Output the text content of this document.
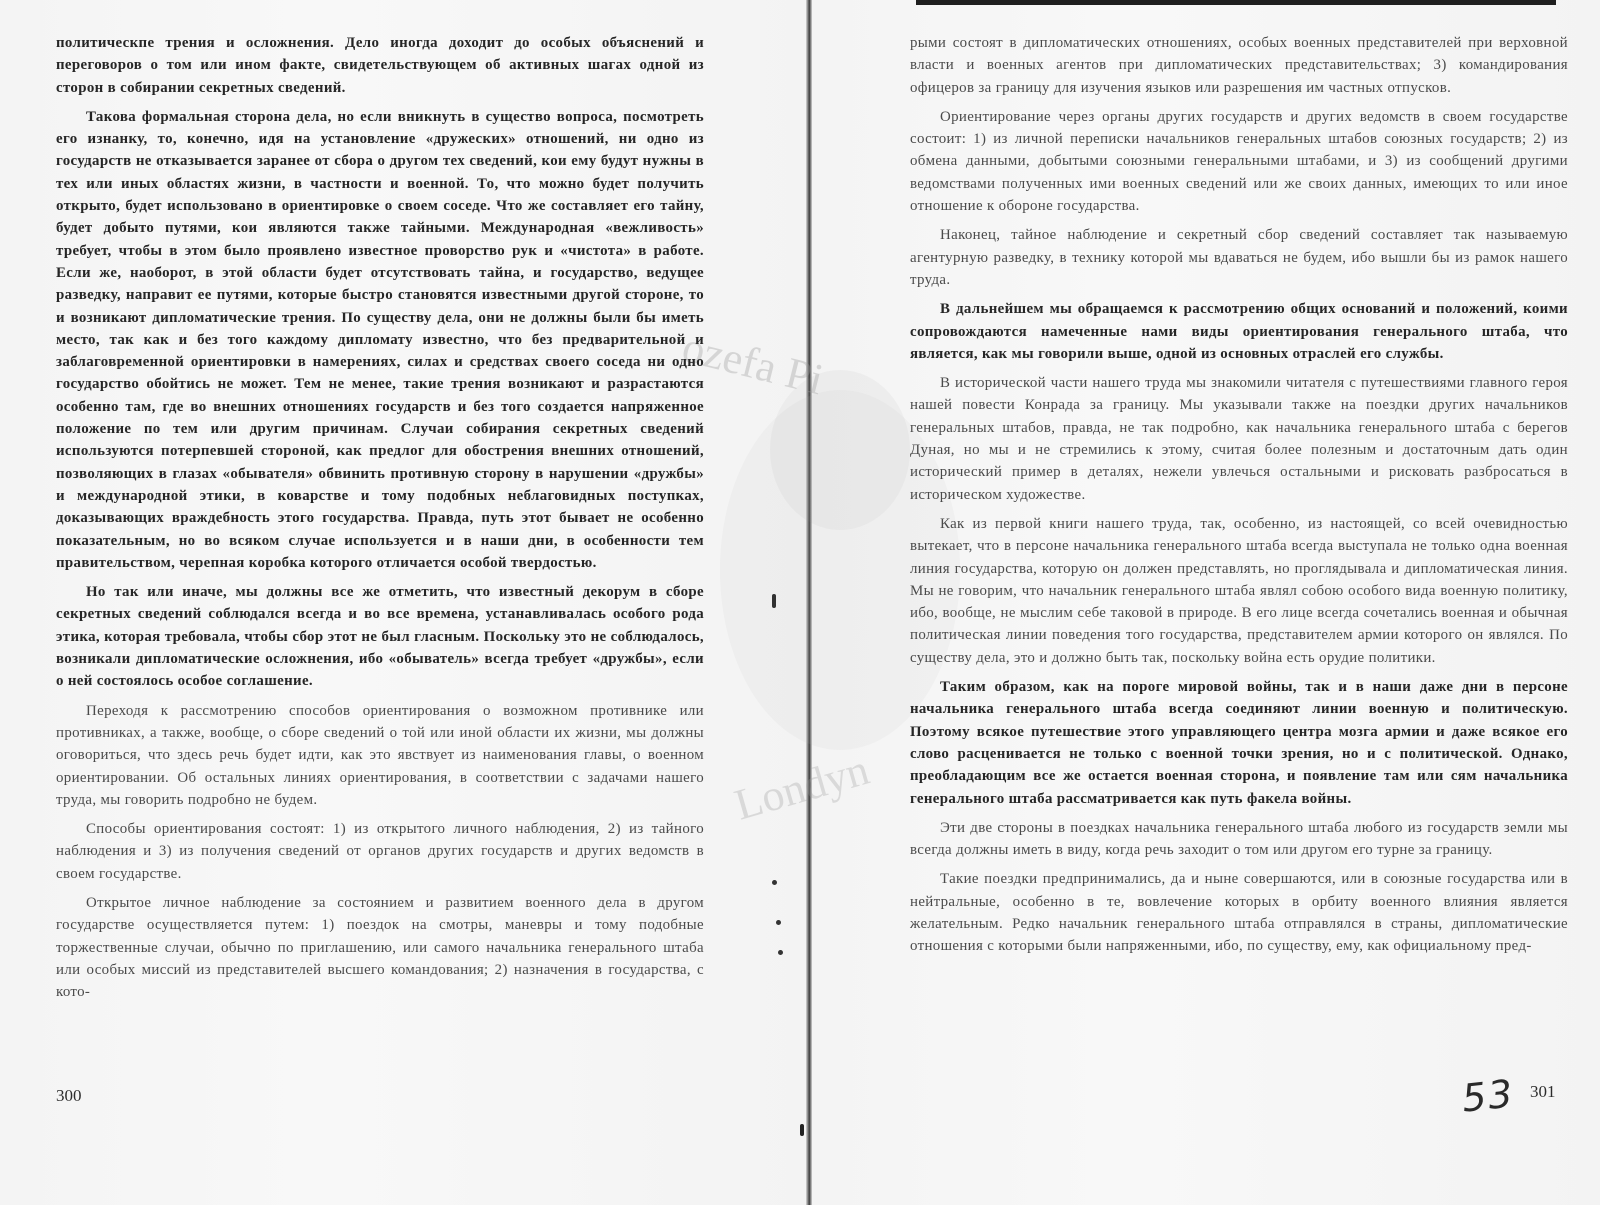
ozefa Pi
Londyn

политическпе трения и осложнения. Дело иногда доходит до особых объяснений и переговоров о том или ином факте, свидетельствующем об активных шагах одной из сторон в собирании секретных сведений.

Такова формальная сторона дела, но если вникнуть в существо вопроса, посмотреть его изнанку, то, конечно, идя на установление «дружеских» отношений, ни одно из государств не отказывается заранее от сбора о другом тех сведений, кои ему будут нужны в тех или иных областях жизни, в частности и военной. То, что можно будет получить открыто, будет использовано в ориентировке о своем соседе. Что же составляет его тайну, будет добыто путями, кои являются также тайными. Международная «вежливость» требует, чтобы в этом было проявлено известное проворство рук и «чистота» в работе. Если же, наоборот, в этой области будет отсутствовать тайна, и государство, ведущее разведку, направит ее путями, которые быстро становятся известными другой стороне, то и возникают дипломатические трения. По существу дела, они не должны были бы иметь место, так как и без того каждому дипломату известно, что без предварительной и заблаговременной ориентировки в намерениях, силах и средствах своего соседа ни одно государство обойтись не может. Тем не менее, такие трения возникают и разрастаются особенно там, где во внешних отношениях государств и без того создается напряженное положение по тем или другим причинам. Случаи собирания секретных сведений используются потерпевшей стороной, как предлог для обострения внешних отношений, позволяющих в глазах «обывателя» обвинить противную сторону в нарушении «дружбы» и международной этики, в коварстве и тому подобных неблаговидных поступках, доказывающих враждебность этого государства. Правда, путь этот бывает не особенно показательным, но во всяком случае используется и в наши дни, в особенности тем правительством, черепная коробка которого отличается особой твердостью.

Но так или иначе, мы должны все же отметить, что известный декорум в сборе секретных сведений соблюдался всегда и во все времена, устанавливалась особого рода этика, которая требовала, чтобы сбор этот не был гласным. Поскольку это не соблюдалось, возникали дипломатические осложнения, ибо «обыватель» всегда требует «дружбы», если о ней состоялось особое соглашение.

Переходя к рассмотрению способов ориентирования о возможном противнике или противниках, а также, вообще, о сборе сведений о той или иной области их жизни, мы должны оговориться, что здесь речь будет идти, как это явствует из наименования главы, о военном ориентировании. Об остальных линиях ориентирования, в соответствии с задачами нашего труда, мы говорить подробно не будем.

Способы ориентирования состоят: 1) из открытого личного наблюдения, 2) из тайного наблюдения и 3) из получения сведений от органов других государств и других ведомств в своем государстве.

Открытое личное наблюдение за состоянием и развитием военного дела в другом государстве осуществляется путем: 1) поездок на смотры, маневры и тому подобные торжественные случаи, обычно по приглашению, или самого начальника генерального штаба или особых миссий из представителей высшего командования; 2) назначения в государства, с кото-

300

рыми состоят в дипломатических отношениях, особых военных представителей при верховной власти и военных агентов при дипломатических представительствах; 3) командирования офицеров за границу для изучения языков или разрешения им частных отпусков.

Ориентирование через органы других государств и других ведомств в своем государстве состоит: 1) из личной переписки начальников генеральных штабов союзных государств; 2) из обмена данными, добытыми союзными генеральными штабами, и 3) из сообщений другими ведомствами полученных ими военных сведений или же своих данных, имеющих то или иное отношение к обороне государства.

Наконец, тайное наблюдение и секретный сбор сведений составляет так называемую агентурную разведку, в технику которой мы вдаваться не будем, ибо вышли бы из рамок нашего труда.

В дальнейшем мы обращаемся к рассмотрению общих оснований и положений, коими сопровождаются намеченные нами виды ориентирования генерального штаба, что является, как мы говорили выше, одной из основных отраслей его службы.

В исторической части нашего труда мы знакомили читателя с путешествиями главного героя нашей повести Конрада за границу. Мы указывали также на поездки других начальников генеральных штабов, правда, не так подробно, как начальника генерального штаба с берегов Дуная, но мы и не стремились к этому, считая более полезным и достаточным дать один исторический пример в деталях, нежели увлечься остальными и рисковать разбросаться в историческом художестве.

Как из первой книги нашего труда, так, особенно, из настоящей, со всей очевидностью вытекает, что в персоне начальника генерального штаба всегда выступала не только одна военная линия государства, которую он должен представлять, но проглядывала и дипломатическая линия. Мы не говорим, что начальник генерального штаба являл собою особого вида военную политику, ибо, вообще, не мыслим себе таковой в природе. В его лице всегда сочетались военная и обычная политическая линии поведения того государства, представителем армии которого он являлся. По существу дела, это и должно быть так, поскольку война есть орудие политики.

Таким образом, как на пороге мировой войны, так и в наши даже дни в персоне начальника генерального штаба всегда соединяют линии военную и политическую. Поэтому всякое путешествие этого управляющего центра мозга армии и даже всякое его слово расценивается не только с военной точки зрения, но и с политической. Однако, преобладающим все же остается военная сторона, и появление там или сям начальника генерального штаба рассматривается как путь факела войны.

Эти две стороны в поездках начальника генерального штаба любого из государств земли мы всегда должны иметь в виду, когда речь заходит о том или другом его турне за границу.

Такие поездки предпринимались, да и ныне совершаются, или в союзные государства или в нейтральные, особенно в те, вовлечение которых в орбиту военного влияния является желательным. Редко начальник генерального штаба отправлялся в страны, дипломатические отношения с которыми были напряженными, ибо, по существу, ему, как официальному пред-

301
53
